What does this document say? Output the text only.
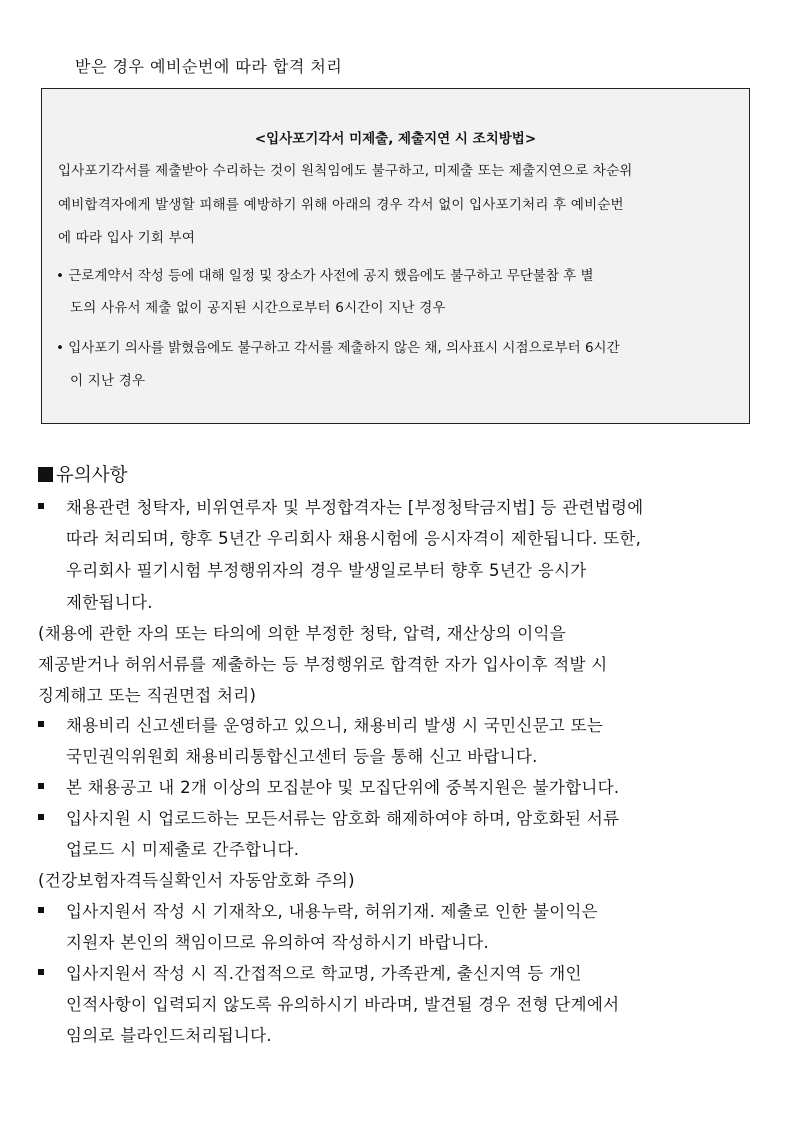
받은 경우 예비순번에 따라 합격 처리
<입사포기각서 미제출, 제출지연 시 조치방법>
입사포기각서를 제출받아 수리하는 것이 원칙임에도 불구하고, 미제출 또는 제출지연으로 차순위
예비합격자에게 발생할 피해를 예방하기 위해 아래의 경우 각서 없이 입사포기처리 후 예비순번
에 따라 입사 기회 부여
• 근로계약서 작성 등에 대해 일정 및 장소가 사전에 공지 했음에도 불구하고 무단불참 후 별
도의 사유서 제출 없이 공지된 시간으로부터 6시간이 지난 경우
• 입사포기 의사를 밝혔음에도 불구하고 각서를 제출하지 않은 채, 의사표시 시점으로부터 6시간
이 지난 경우
유의사항
채용관련 청탁자, 비위연루자 및 부정합격자는 [부정청탁금지법] 등 관련법령에
따라 처리되며, 향후 5년간 우리회사 채용시험에 응시자격이 제한됩니다. 또한,
우리회사 필기시험 부정행위자의 경우 발생일로부터 향후 5년간 응시가
제한됩니다.
(채용에 관한 자의 또는 타의에 의한 부정한 청탁, 압력, 재산상의 이익을
제공받거나 허위서류를 제출하는 등 부정행위로 합격한 자가 입사이후 적발 시
징계해고 또는 직권면접 처리)
채용비리 신고센터를 운영하고 있으니, 채용비리 발생 시 국민신문고 또는
국민권익위원회 채용비리통합신고센터 등을 통해 신고 바랍니다.
본 채용공고 내 2개 이상의 모집분야 및 모집단위에 중복지원은 불가합니다.
입사지원 시 업로드하는 모든서류는 암호화 해제하여야 하며, 암호화된 서류
업로드 시 미제출로 간주합니다.
(건강보험자격득실확인서 자동암호화 주의)
입사지원서 작성 시 기재착오, 내용누락, 허위기재. 제출로 인한 불이익은
지원자 본인의 책임이므로 유의하여 작성하시기 바랍니다.
입사지원서 작성 시 직.간접적으로 학교명, 가족관계, 출신지역 등 개인
인적사항이 입력되지 않도록 유의하시기 바라며, 발견될 경우 전형 단계에서
임의로 블라인드처리됩니다.
